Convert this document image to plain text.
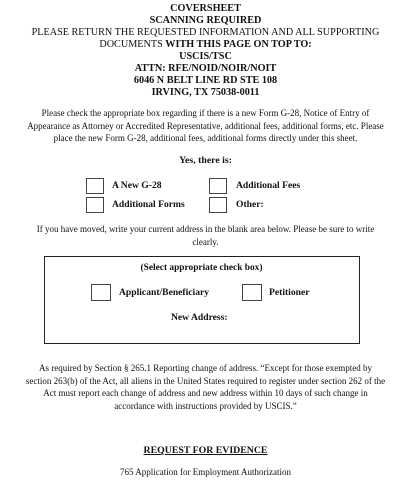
COVERSHEET
SCANNING REQUIRED
PLEASE RETURN THE REQUESTED INFORMATION AND ALL SUPPORTING
DOCUMENTS WITH THIS PAGE ON TOP TO:
USCIS/TSC
ATTN: RFE/NOID/NOIR/NOIT
6046 N BELT LINE RD STE 108
IRVING, TX 75038-0011
Please check the appropriate box regarding if there is a new Form G-28, Notice of Entry of
Appearance as Attorney or Accredited Representative, additional fees, additional forms, etc. Please
place the new Form G-28, additional fees, additional forms directly under this sheet.
Yes, there is:
A New G-28	Additional Fees
Additional Forms	Other:
If you have moved, write your current address in the blank area below. Please be sure to write
clearly.
(Select appropriate check box)
Applicant/Beneficiary	Petitioner
New Address:
As required by Section § 265.1 Reporting change of address. “Except for those exempted by
section 263(b) of the Act, all aliens in the United States required to register under section 262 of the
Act must report each change of address and new address within 10 days of such change in
accordance with instructions provided by USCIS.”
REQUEST FOR EVIDENCE
765 Application for Employment Authorization
